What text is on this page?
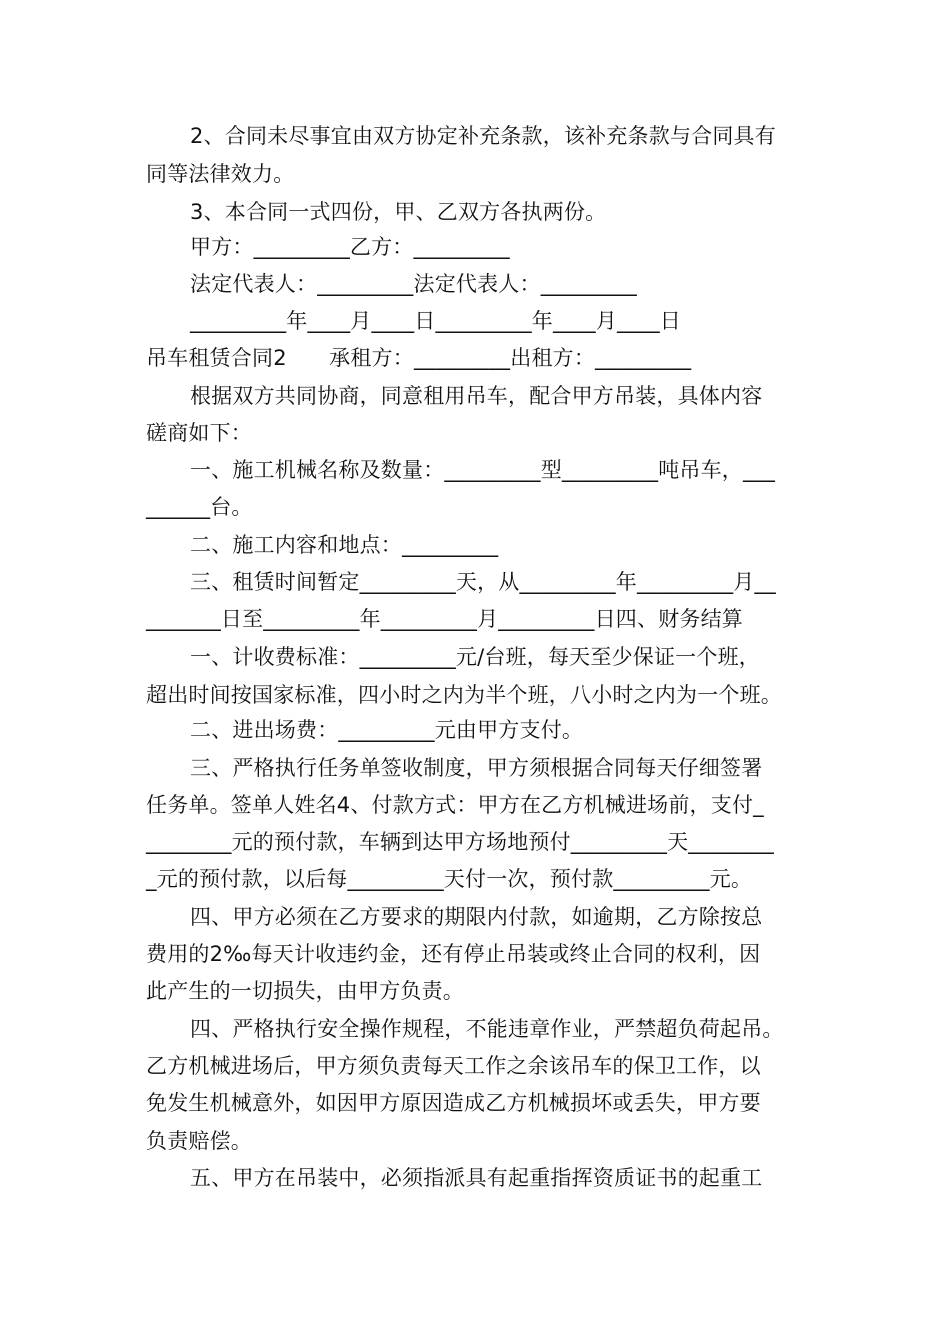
2、合同未尽事宜由双方协定补充条款，该补充条款与合同具有
同等法律效力。
3、本合同一式四份，甲、乙双方各执两份。
甲方：_________乙方：_________
法定代表人：_________法定代表人：_________
_________年____月____日_________年____月____日
吊车租赁合同2　　承租方：_________出租方：_________
根据双方共同协商，同意租用吊车，配合甲方吊装，具体内容
磋商如下：
一、施工机械名称及数量：_________型_________吨吊车，___
______台。
二、施工内容和地点：_________
三、租赁时间暂定_________天，从_________年_________月__
_______日至_________年_________月_________日四、财务结算
一、计收费标准：_________元/台班，每天至少保证一个班，
超出时间按国家标准，四小时之内为半个班，八小时之内为一个班。
二、进出场费：_________元由甲方支付。
三、严格执行任务单签收制度，甲方须根据合同每天仔细签署
任务单。签单人姓名4、付款方式：甲方在乙方机械进场前，支付_
________元的预付款，车辆到达甲方场地预付_________天________
_元的预付款，以后每_________天付一次，预付款_________元。
四、甲方必须在乙方要求的期限内付款，如逾期，乙方除按总
费用的2‰每天计收违约金，还有停止吊装或终止合同的权利，因
此产生的一切损失，由甲方负责。
四、严格执行安全操作规程，不能违章作业，严禁超负荷起吊。
乙方机械进场后，甲方须负责每天工作之余该吊车的保卫工作，以
免发生机械意外，如因甲方原因造成乙方机械损坏或丢失，甲方要
负责赔偿。
五、甲方在吊装中，必须指派具有起重指挥资质证书的起重工
